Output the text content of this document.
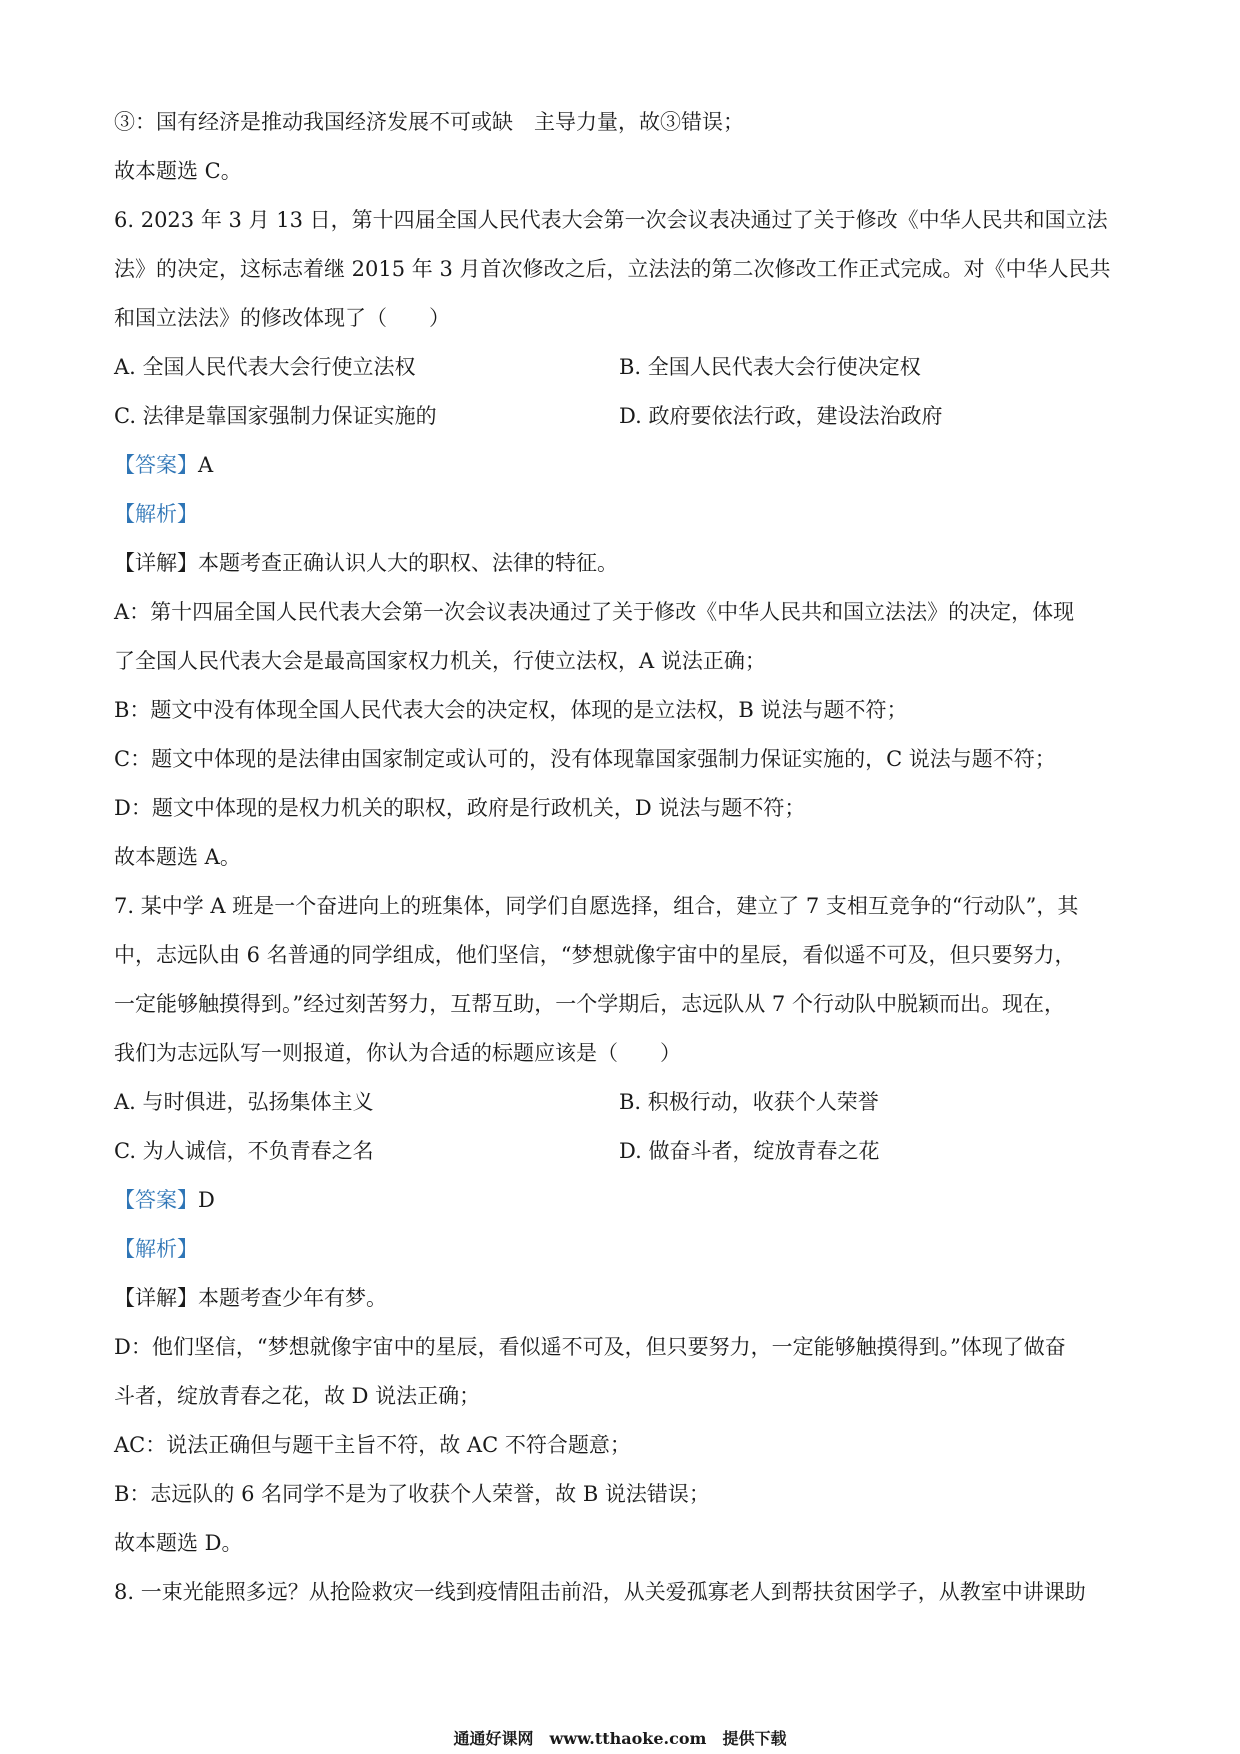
③：国有经济是推动我国经济发展不可或缺　主导力量，故③错误；
故本题选 C。
6. 2023 年 3 月 13 日，第十四届全国人民代表大会第一次会议表决通过了关于修改《中华人民共和国立法
法》的决定，这标志着继 2015 年 3 月首次修改之后，立法法的第二次修改工作正式完成。对《中华人民共
和国立法法》的修改体现了（　　）
A. 全国人民代表大会行使立法权	B. 全国人民代表大会行使决定权
C. 法律是靠国家强制力保证实施的	D. 政府要依法行政，建设法治政府
【答案】A
【解析】
【详解】本题考查正确认识人大的职权、法律的特征。
A：第十四届全国人民代表大会第一次会议表决通过了关于修改《中华人民共和国立法法》的决定，体现
了全国人民代表大会是最高国家权力机关，行使立法权，A 说法正确；
B：题文中没有体现全国人民代表大会的决定权，体现的是立法权，B 说法与题不符；
C：题文中体现的是法律由国家制定或认可的，没有体现靠国家强制力保证实施的，C 说法与题不符；
D：题文中体现的是权力机关的职权，政府是行政机关，D 说法与题不符；
故本题选 A。
7. 某中学 A 班是一个奋进向上的班集体，同学们自愿选择，组合，建立了 7 支相互竞争的“行动队”，其
中，志远队由 6 名普通的同学组成，他们坚信，“梦想就像宇宙中的星辰，看似遥不可及，但只要努力，
一定能够触摸得到。”经过刻苦努力，互帮互助，一个学期后，志远队从 7 个行动队中脱颖而出。现在，
我们为志远队写一则报道，你认为合适的标题应该是（　　）
A. 与时俱进，弘扬集体主义	B. 积极行动，收获个人荣誉
C. 为人诚信，不负青春之名	D. 做奋斗者，绽放青春之花
【答案】D
【解析】
【详解】本题考查少年有梦。
D：他们坚信，“梦想就像宇宙中的星辰，看似遥不可及，但只要努力，一定能够触摸得到。”体现了做奋
斗者，绽放青春之花，故 D 说法正确；
AC：说法正确但与题干主旨不符，故 AC 不符合题意；
B：志远队的 6 名同学不是为了收获个人荣誉，故 B 说法错误；
故本题选 D。
8. 一束光能照多远？从抢险救灾一线到疫情阻击前沿，从关爱孤寡老人到帮扶贫困学子，从教室中讲课助
通通好课网　www.tthaoke.com　提供下载
